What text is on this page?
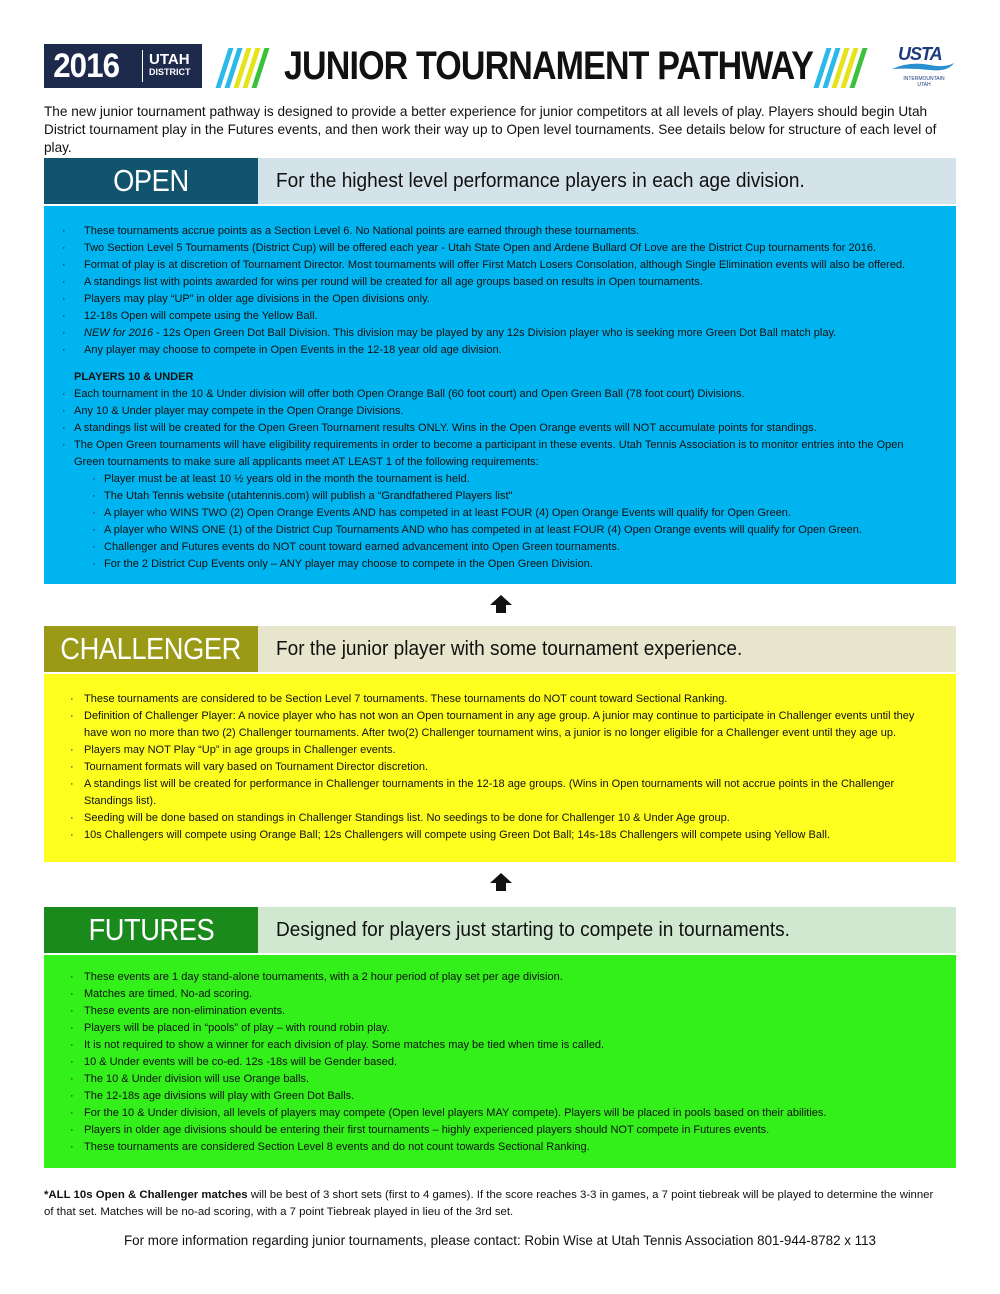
2016	UTAH
DISTRICT JUNIOR TOURNAMENT PATHWAY	USTA
INTERMOUNTAIN
UTAH
The new junior tournament pathway is designed to provide a better experience for junior competitors at all levels of play. Players should begin Utah District tournament play in the Futures events, and then work their way up to Open level tournaments. See details below for structure of each level of play.
OPEN	For the highest level performance players in each age division.
· These tournaments accrue points as a Section Level 6. No National points are earned through these tournaments.
· Two Section Level 5 Tournaments (District Cup) will be offered each year - Utah State Open and Ardene Bullard Of Love are the District Cup tournaments for 2016.
· Format of play is at discretion of Tournament Director. Most tournaments will offer First Match Losers Consolation, although Single Elimination events will also be offered.
· A standings list with points awarded for wins per round will be created for all age groups based on results in Open tournaments.
· Players may play “UP” in older age divisions in the Open divisions only.
· 12-18s Open will compete using the Yellow Ball.
· NEW for 2016 - 12s Open Green Dot Ball Division. This division may be played by any 12s Division player who is seeking more Green Dot Ball match play.
· Any player may choose to compete in Open Events in the 12-18 year old age division.
PLAYERS 10 & UNDER
· Each tournament in the 10 & Under division will offer both Open Orange Ball (60 foot court) and Open Green Ball (78 foot court) Divisions.
· Any 10 & Under player may compete in the Open Orange Divisions.
· A standings list will be created for the Open Green Tournament results ONLY. Wins in the Open Orange events will NOT accumulate points for standings.
· The Open Green tournaments will have eligibility requirements in order to become a participant in these events. Utah Tennis Association is to monitor entries into the Open
Green tournaments to make sure all applicants meet AT LEAST 1 of the following requirements:
· Player must be at least 10 ½ years old in the month the tournament is held.
· The Utah Tennis website (utahtennis.com) will publish a “Grandfathered Players list"
· A player who WINS TWO (2) Open Orange Events AND has competed in at least FOUR (4) Open Orange Events will qualify for Open Green.
· A player who WINS ONE (1) of the District Cup Tournaments AND who has competed in at least FOUR (4) Open Orange events will qualify for Open Green.
· Challenger and Futures events do NOT count toward earned advancement into Open Green tournaments.
· For the 2 District Cup Events only – ANY player may choose to compete in the Open Green Division.
CHALLENGER For the junior player with some tournament experience.
· These tournaments are considered to be Section Level 7 tournaments. These tournaments do NOT count toward Sectional Ranking.
· Definition of Challenger Player: A novice player who has not won an Open tournament in any age group. A junior may continue to participate in Challenger events until they
have won no more than two (2) Challenger tournaments. After two(2) Challenger tournament wins, a junior is no longer eligible for a Challenger event until they age up.
· Players may NOT Play “Up” in age groups in Challenger events.
· Tournament formats will vary based on Tournament Director discretion.
· A standings list will be created for performance in Challenger tournaments in the 12-18 age groups. (Wins in Open tournaments will not accrue points in the Challenger
Standings list).
· Seeding will be done based on standings in Challenger Standings list. No seedings to be done for Challenger 10 & Under Age group.
· 10s Challengers will compete using Orange Ball; 12s Challengers will compete using Green Dot Ball; 14s-18s Challengers will compete using Yellow Ball.
FUTURES	Designed for players just starting to compete in tournaments.
· These events are 1 day stand-alone tournaments, with a 2 hour period of play set per age division.
· Matches are timed. No-ad scoring.
· These events are non-elimination events.
· Players will be placed in “pools” of play – with round robin play.
· It is not required to show a winner for each division of play. Some matches may be tied when time is called.
· 10 & Under events will be co-ed. 12s -18s will be Gender based.
· The 10 & Under division will use Orange balls.
· The 12-18s age divisions will play with Green Dot Balls.
· For the 10 & Under division, all levels of players may compete (Open level players MAY compete). Players will be placed in pools based on their abilities.
· Players in older age divisions should be entering their first tournaments – highly experienced players should NOT compete in Futures events.
· These tournaments are considered Section Level 8 events and do not count towards Sectional Ranking.
*ALL 10s Open & Challenger matches will be best of 3 short sets (first to 4 games). If the score reaches 3-3 in games, a 7 point tiebreak will be played to determine the winner
of that set. Matches will be no-ad scoring, with a 7 point Tiebreak played in lieu of the 3rd set.
For more information regarding junior tournaments, please contact: Robin Wise at Utah Tennis Association 801-944-8782 x 113
